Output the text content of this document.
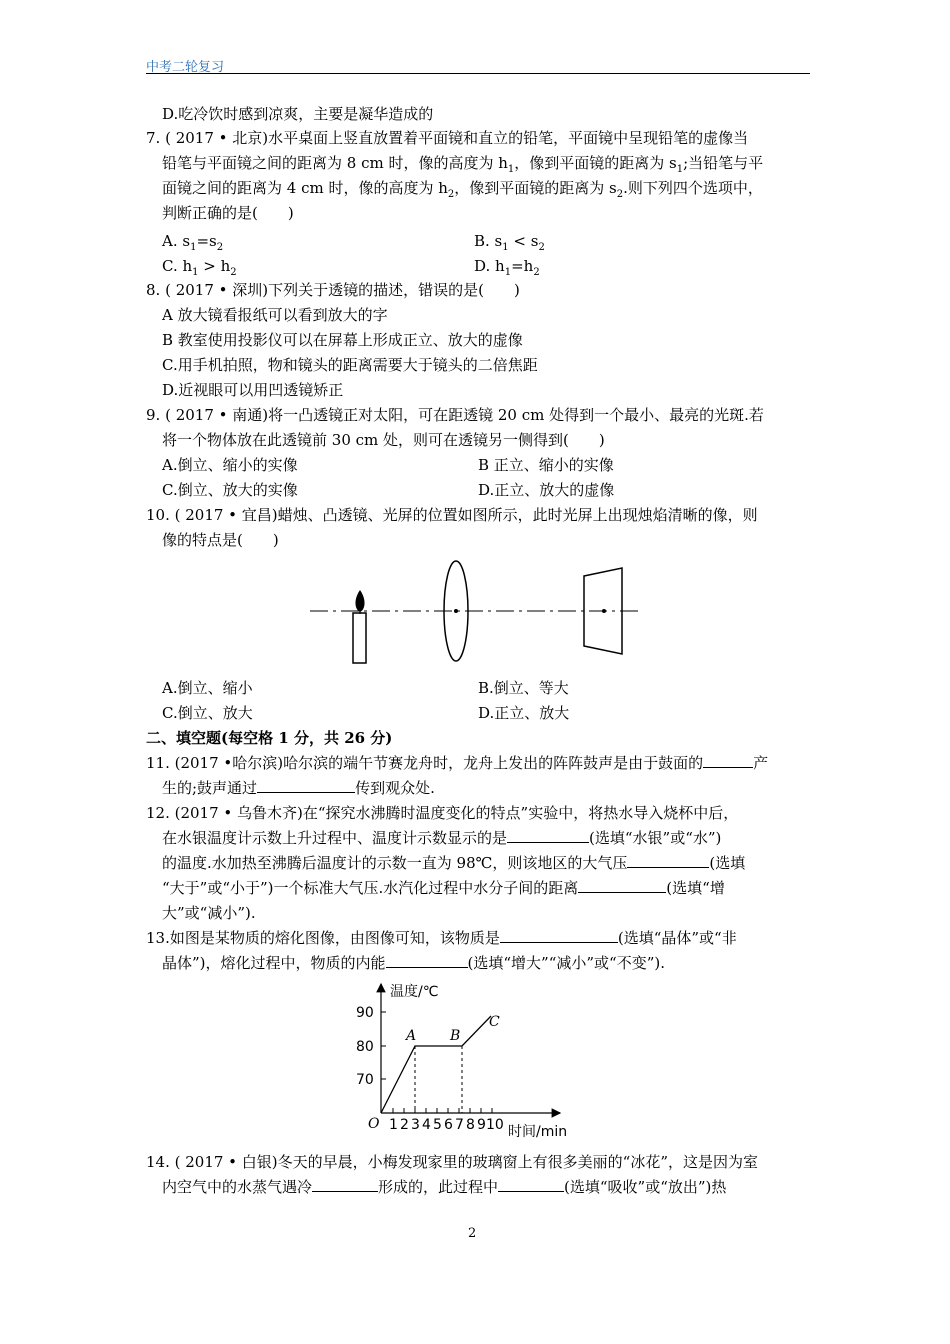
中考二轮复习
D.吃冷饮时感到凉爽，主要是凝华造成的
7. ( 2017 • 北京)水平桌面上竖直放置着平面镜和直立的铅笔，平面镜中呈现铅笔的虚像当
铅笔与平面镜之间的距离为 8 cm 时，像的高度为 $h_1$，像到平面镜的距离为 $s_1$;当铅笔与平
面镜之间的距离为 4 cm 时，像的高度为 $h_2$，像到平面镜的距离为 $s_2$.则下列四个选项中，
判断正确的是(　　)
A. $s_1=s_2$	B. $s_1 < s_2$
C. $h_1 > h_2$	D. $h_1=h_2$
8. ( 2017 • 深圳)下列关于透镜的描述，错误的是(　　)
A 放大镜看报纸可以看到放大的字
B 教室使用投影仪可以在屏幕上形成正立、放大的虚像
C.用手机拍照，物和镜头的距离需要大于镜头的二倍焦距
D.近视眼可以用凹透镜矫正
9. ( 2017 • 南通)将一凸透镜正对太阳，可在距透镜 20 cm 处得到一个最小、最亮的光斑.若
将一个物体放在此透镜前 30 cm 处，则可在透镜另一侧得到(　　)
A.倒立、缩小的实像	B 正立、缩小的实像
C.倒立、放大的实像	D.正立、放大的虚像
10. ( 2017 • 宜昌)蜡烛、凸透镜、光屏的位置如图所示，此时光屏上出现烛焰清晰的像，则
像的特点是(　　)
A.倒立、缩小	B.倒立、等大
C.倒立、放大	D.正立、放大
二、填空题(每空格 1 分，共 26 分)
11. (2017 •哈尔滨)哈尔滨的端午节赛龙舟时，龙舟上发出的阵阵鼓声是由于鼓面的	产
生的;鼓声通过	传到观众处.
12. (2017 • 乌鲁木齐)在“探究水沸腾时温度变化的特点”实验中，将热水导入烧杯中后，
在水银温度计示数上升过程中、温度计示数显示的是	(选填“水银”或“水”)
的温度.水加热至沸腾后温度计的示数一直为 98℃，则该地区的大气压	(选填
“大于”或“小于”)一个标准大气压.水汽化过程中水分子间的距离	(选填“增
大”或“减小”).
13.如图是某物质的熔化图像，由图像可知，该物质是	(选填“晶体”或“非
晶体”)，熔化过程中，物质的内能	(选填“增大”“减小”或“不变”).
温度/℃
时间/min
O
90
80
70
1 2 3 4 5 6 7 8 9 10
A B
C
14. ( 2017 • 白银)冬天的早晨，小梅发现家里的玻璃窗上有很多美丽的“冰花”，这是因为室
内空气中的水蒸气遇冷	形成的，此过程中	(选填“吸收”或“放出”)热
2
